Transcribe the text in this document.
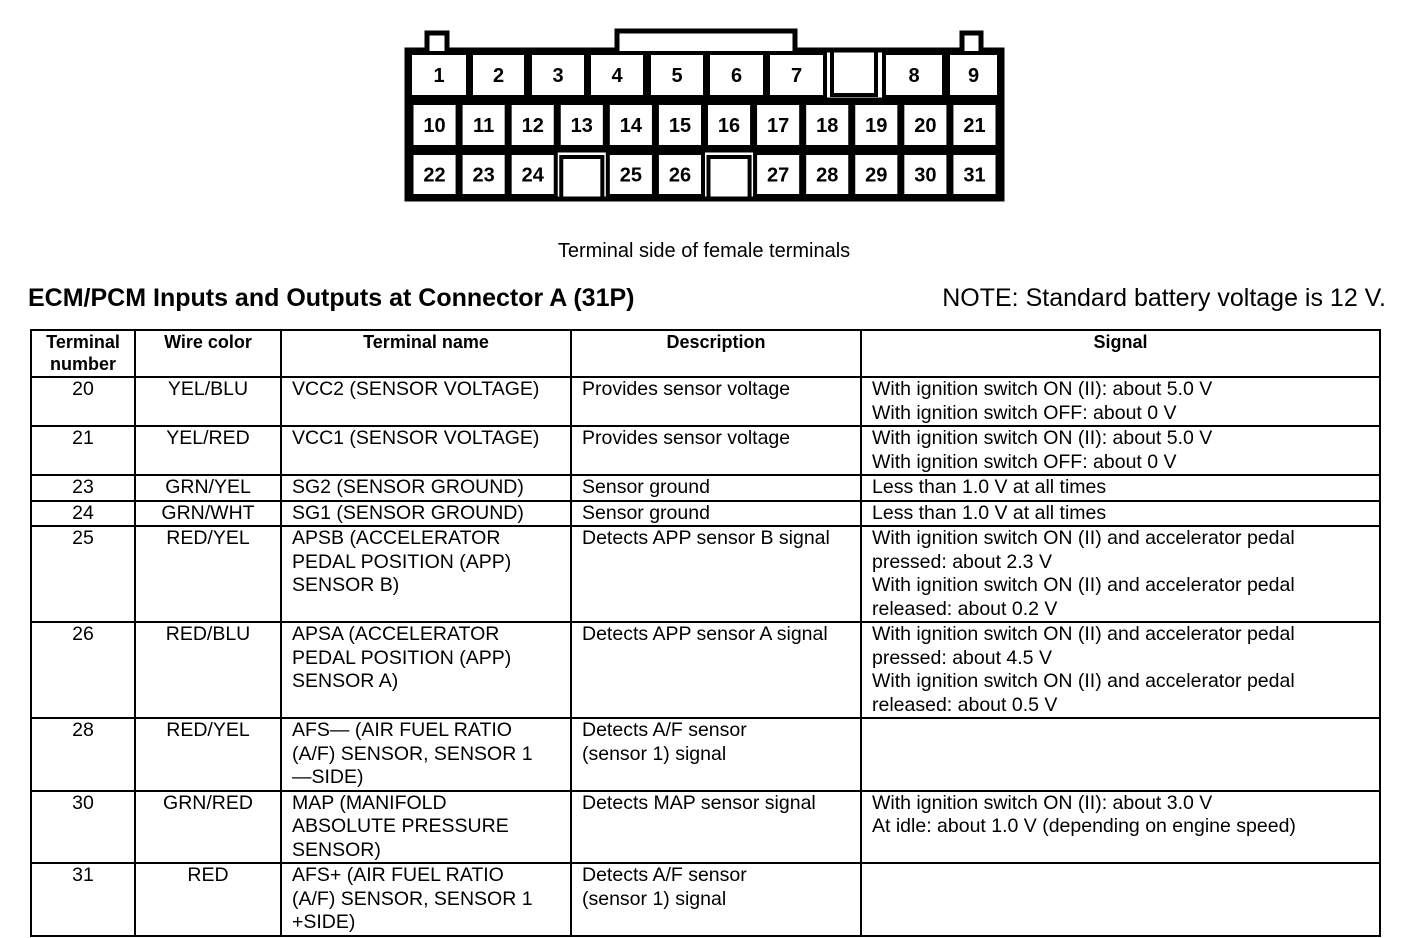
1 2 3 4 5 6 7	8 9
10 11 12 13 14 15 16 17 18 19 20 21
22 23 24	25 26	27 28 29 30 31
Terminal side of female terminals
ECM/PCM Inputs and Outputs at Connector A (31P)	NOTE: Standard battery voltage is 12 V.
Terminal
number	Wire color	Terminal name	Description	Signal
20	YEL/BLU	VCC2 (SENSOR VOLTAGE)	Provides sensor voltage	With ignition switch ON (II): about 5.0 V
With ignition switch OFF: about 0 V
21	YEL/RED	VCC1 (SENSOR VOLTAGE)	Provides sensor voltage	With ignition switch ON (II): about 5.0 V
With ignition switch OFF: about 0 V
23	GRN/YEL	SG2 (SENSOR GROUND)	Sensor ground	Less than 1.0 V at all times
24	GRN/WHT	SG1 (SENSOR GROUND)	Sensor ground	Less than 1.0 V at all times
25	RED/YEL	APSB (ACCELERATOR
PEDAL POSITION (APP)
SENSOR B)	Detects APP sensor B signal	With ignition switch ON (II) and accelerator pedal
pressed: about 2.3 V
With ignition switch ON (II) and accelerator pedal
released: about 0.2 V
26	RED/BLU	APSA (ACCELERATOR
PEDAL POSITION (APP)
SENSOR A)	Detects APP sensor A signal	With ignition switch ON (II) and accelerator pedal
pressed: about 4.5 V
With ignition switch ON (II) and accelerator pedal
released: about 0.5 V
28	RED/YEL	AFS— (AIR FUEL RATIO
(A/F) SENSOR, SENSOR 1
—SIDE)	Detects A/F sensor
(sensor 1) signal	
30	GRN/RED	MAP (MANIFOLD
ABSOLUTE PRESSURE
SENSOR)	Detects MAP sensor signal	With ignition switch ON (II): about 3.0 V
At idle: about 1.0 V (depending on engine speed)
31	RED	AFS+ (AIR FUEL RATIO
(A/F) SENSOR, SENSOR 1
+SIDE)	Detects A/F sensor
(sensor 1) signal	
